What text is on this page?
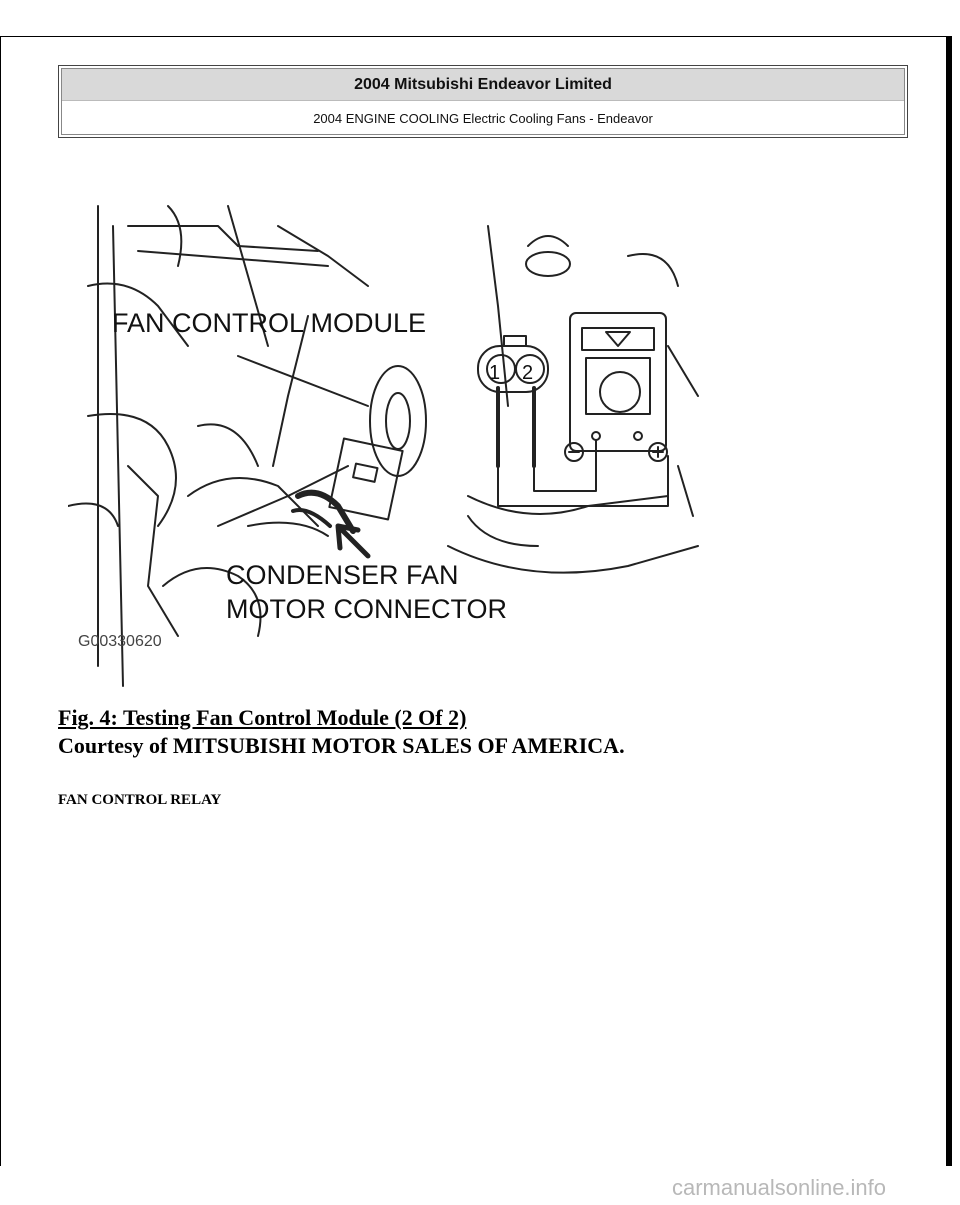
2004 Mitsubishi Endeavor Limited
2004 ENGINE COOLING Electric Cooling Fans - Endeavor
FAN CONTROL MODULE
1 2
CONDENSER FAN
MOTOR CONNECTOR
G00330620
Fig. 4: Testing Fan Control Module (2 Of 2)
Courtesy of MITSUBISHI MOTOR SALES OF AMERICA.
FAN CONTROL RELAY
carmanualsonline.info
